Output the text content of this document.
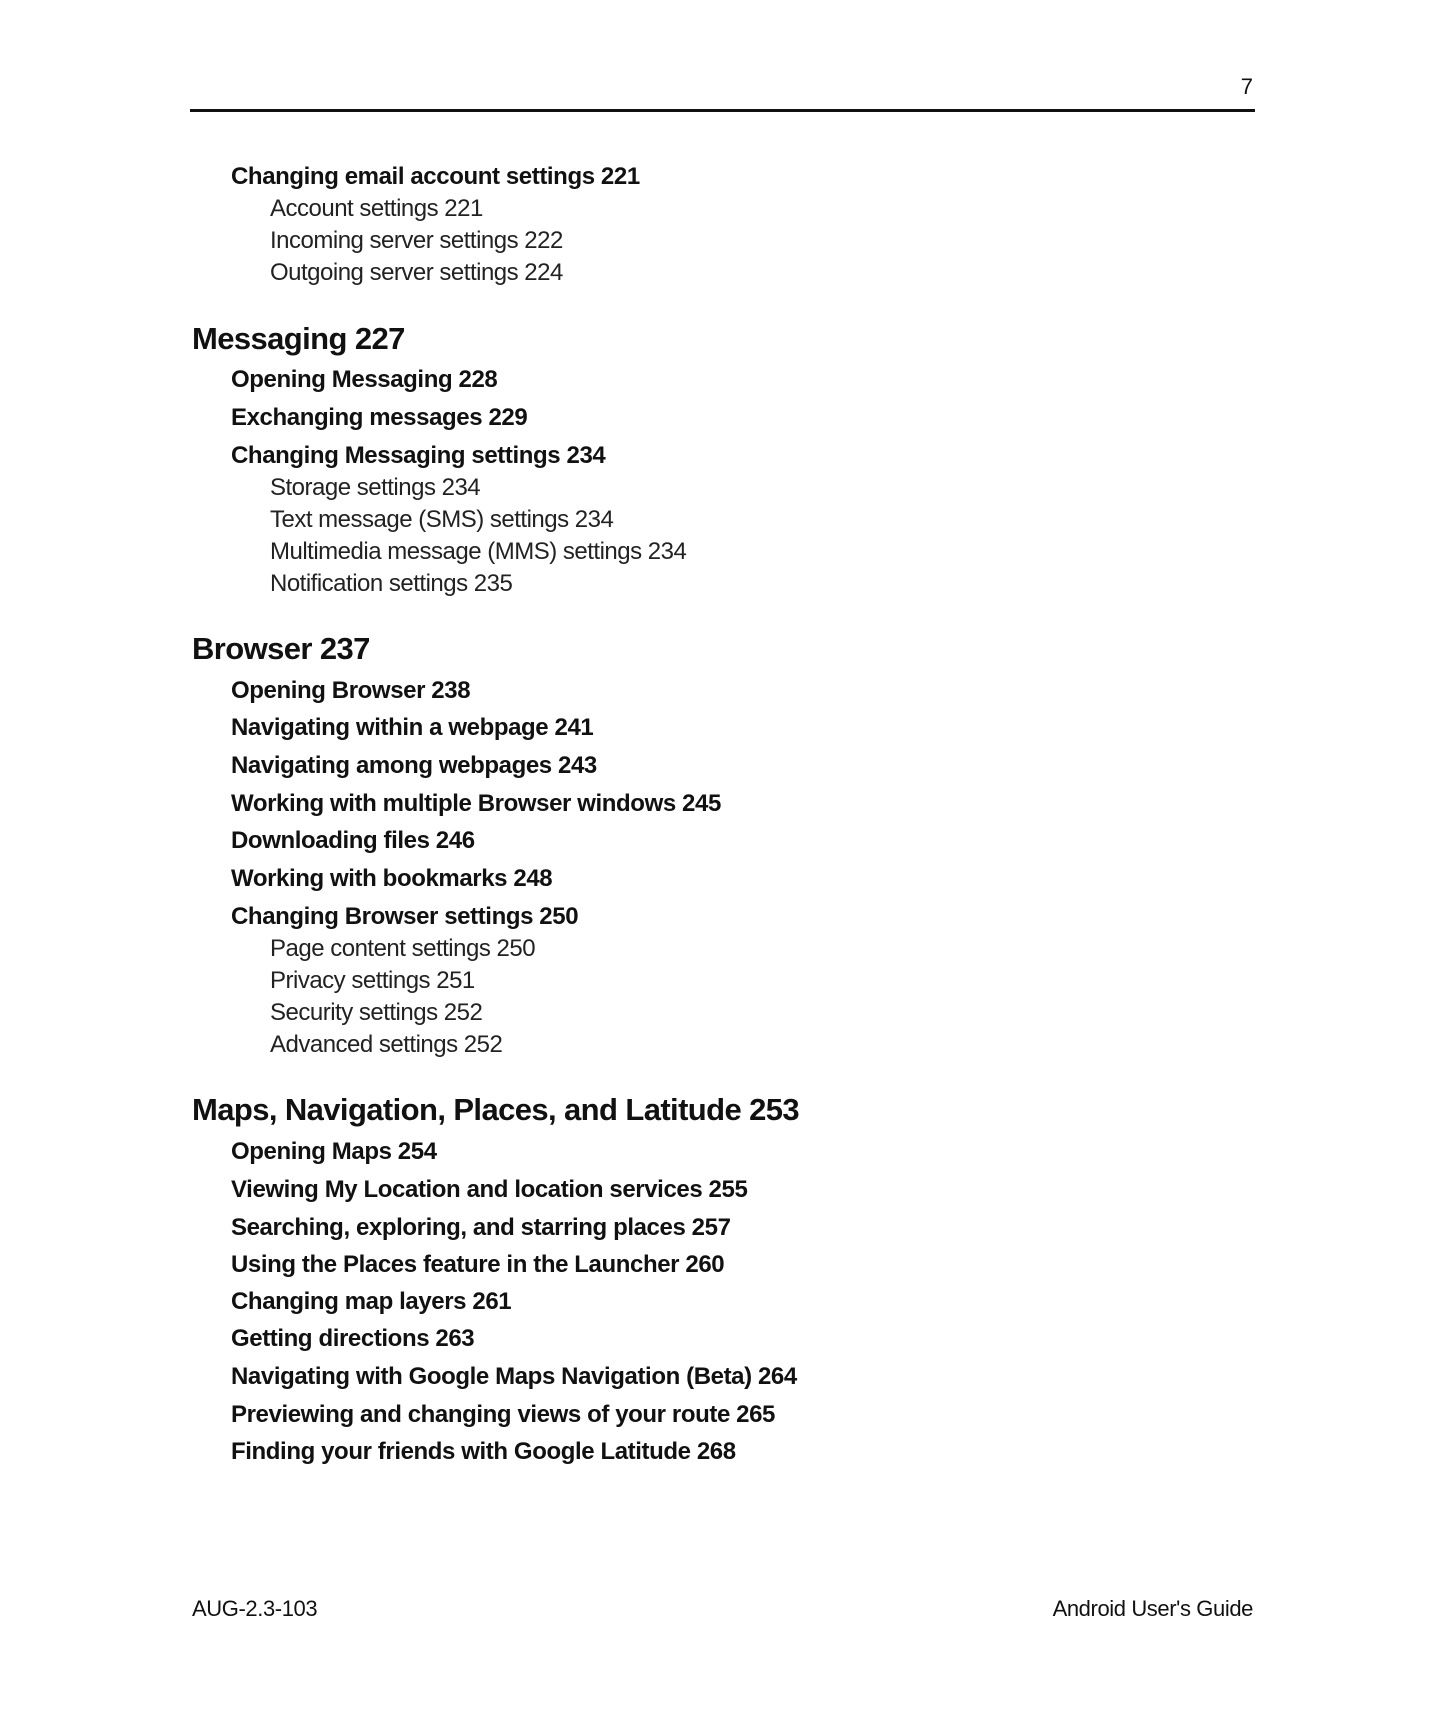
7
Changing email account settings 221
Account settings 221
Incoming server settings 222
Outgoing server settings 224
Messaging 227
Opening Messaging 228
Exchanging messages 229
Changing Messaging settings 234
Storage settings 234
Text message (SMS) settings 234
Multimedia message (MMS) settings 234
Notification settings 235
Browser 237
Opening Browser 238
Navigating within a webpage 241
Navigating among webpages 243
Working with multiple Browser windows 245
Downloading files 246
Working with bookmarks 248
Changing Browser settings 250
Page content settings 250
Privacy settings 251
Security settings 252
Advanced settings 252
Maps, Navigation, Places, and Latitude 253
Opening Maps 254
Viewing My Location and location services 255
Searching, exploring, and starring places 257
Using the Places feature in the Launcher 260
Changing map layers 261
Getting directions 263
Navigating with Google Maps Navigation (Beta) 264
Previewing and changing views of your route 265
Finding your friends with Google Latitude 268
AUG-2.3-103	Android User's Guide
